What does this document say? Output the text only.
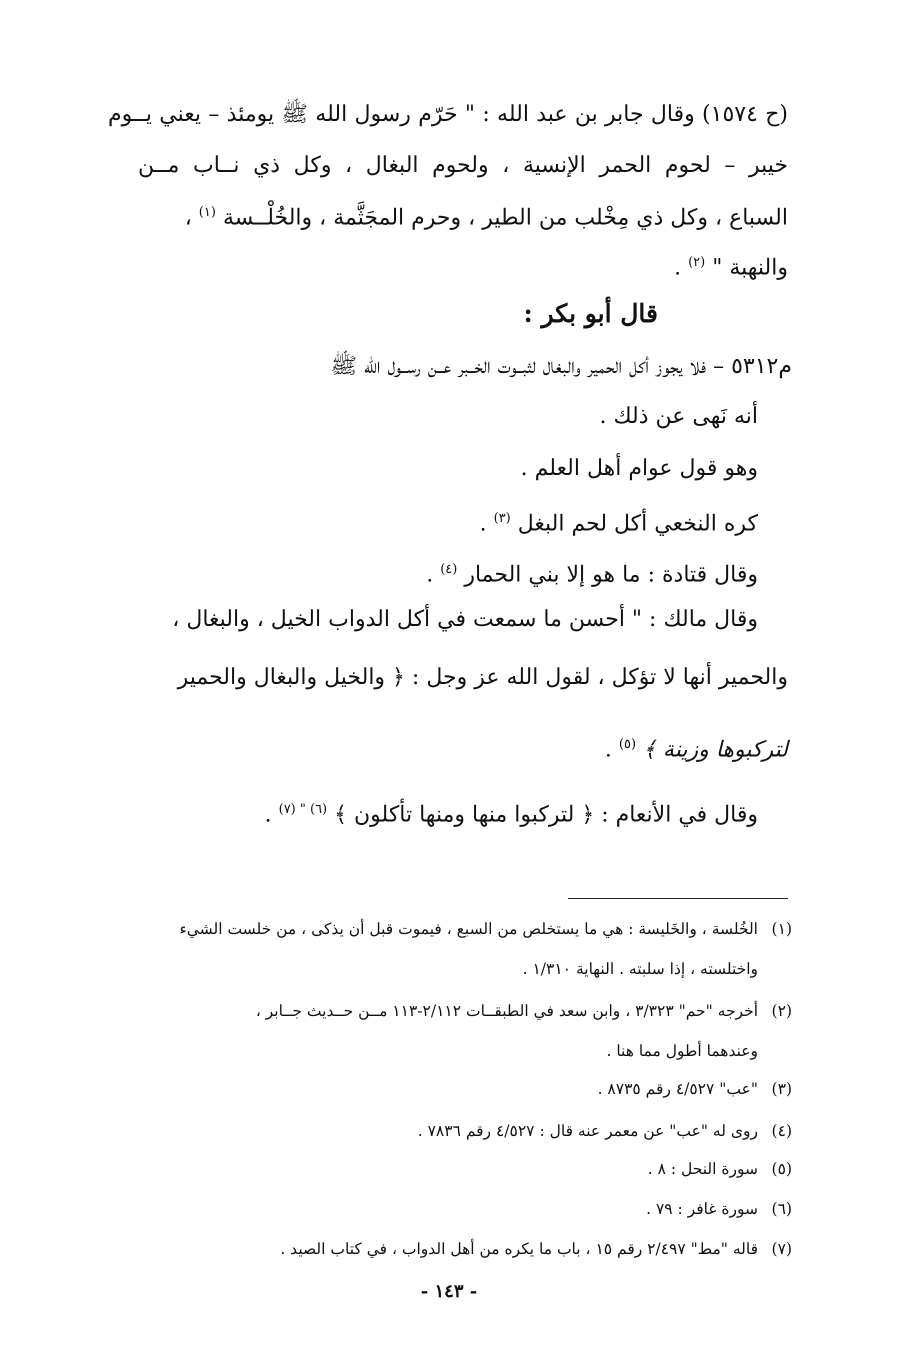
(ح ١٥٧٤) وقال جابر بن عبد الله : " حَرّم رسول الله ﷺ يومئذ – يعني يــوم
خيبر – لحوم الحمر الإنسية ، ولحوم البغال ، وكل ذي نــاب مــن
السباع ، وكل ذي مِخْلب من الطير ، وحرم المجَثَّمة ، والخُلْــسة $^{(١)}$ ،
والنهبة " $^{(٢)}$ .
قال أبو بكر :
م٥٣١٢ – فلا يجوز أكل الحمير والبغال لثبــوت الخــبر عــن رســول الله ﷺ
أنه نَهى عن ذلك .
وهو قول عوام أهل العلم .
كره النخعي أكل لحم البغل $^{(٣)}$ .
وقال قتادة : ما هو إلا بني الحمار $^{(٤)}$ .
وقال مالك : " أحسن ما سمعت في أكل الدواب الخيل ، والبغال ،
والحمير أنها لا تؤكل ، لقول الله عز وجل : ﴿ والخيل والبغال والحمير
لتركبوها وزينة ﴾ $^{(٥)}$ .
وقال في الأنعام : ﴿ لتركبوا منها ومنها تأكلون ﴾ $^{(٦) " (٧)}$ .
(١)الخُلسة ، والخَليسة : هي ما يستخلص من السبع ، فيموت قبل أن يذكى ، من خلست الشيء
واختلسته ، إذا سلبته . النهاية ١/٣١٠ .
(٢)أخرجه "حم" ٣/٣٢٣ ، وابن سعد في الطبقــات ٢/١١٢-١١٣ مــن حــديث جــابر ،
وعندهما أطول مما هنا .
(٣)"عب" ٤/٥٢٧ رقم ٨٧٣٥ .
(٤)روى له "عب" عن معمر عنه قال : ٤/٥٢٧ رقم ٧٨٣٦ .
(٥)سورة النحل : ٨ .
(٦)سورة غافر : ٧٩ .
(٧)قاله "مط" ٢/٤٩٧ رقم ١٥ ، باب ما يكره من أهل الدواب ، في كتاب الصيد .
- ١٤٣ -
